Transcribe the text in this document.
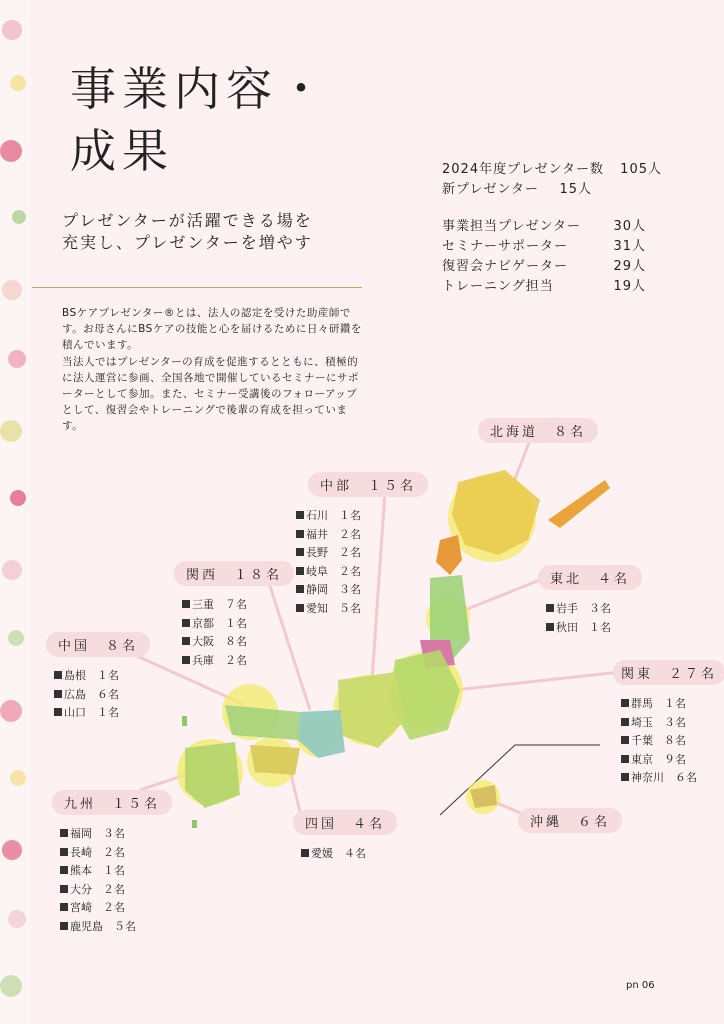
事業内容・
成果
プレゼンターが活躍できる場を
充実し、プレゼンターを増やす
BSケアプレゼンター®とは、法人の認定を受けた助産師です。お母さんにBSケアの技能と心を届けるために日々研鑽を積んでいます。
当法人ではプレゼンターの育成を促進するとともに、積極的に法人運営に参画、全国各地で開催しているセミナーにサポーターとして参加。また、セミナー受講後のフォローアップとして、復習会やトレーニングで後輩の育成を担っています。
2024年度プレゼンター数	105人
新プレゼンター	15人
事業担当プレゼンター	30人
セミナーサポーター	31人
復習会ナビゲーター	29人
トレーニング担当	19人
北海道　８名
中部　１５名
石川　１名
福井　２名
長野　２名
岐阜　２名
静岡　３名
愛知　５名
東北　４名
岩手　３名
秋田　１名
関西　１８名
三重　７名
京都　１名
大阪　８名
兵庫　２名
中国　８名
島根　１名
広島　６名
山口　１名
関東　２７名
群馬　１名
埼玉　３名
千葉　８名
東京　９名
神奈川　６名
九州　１５名
福岡　３名
長崎　２名
熊本　１名
大分　２名
宮崎　２名
鹿児島　５名
四国　４名
愛媛　４名
沖縄　６名
pn 06
